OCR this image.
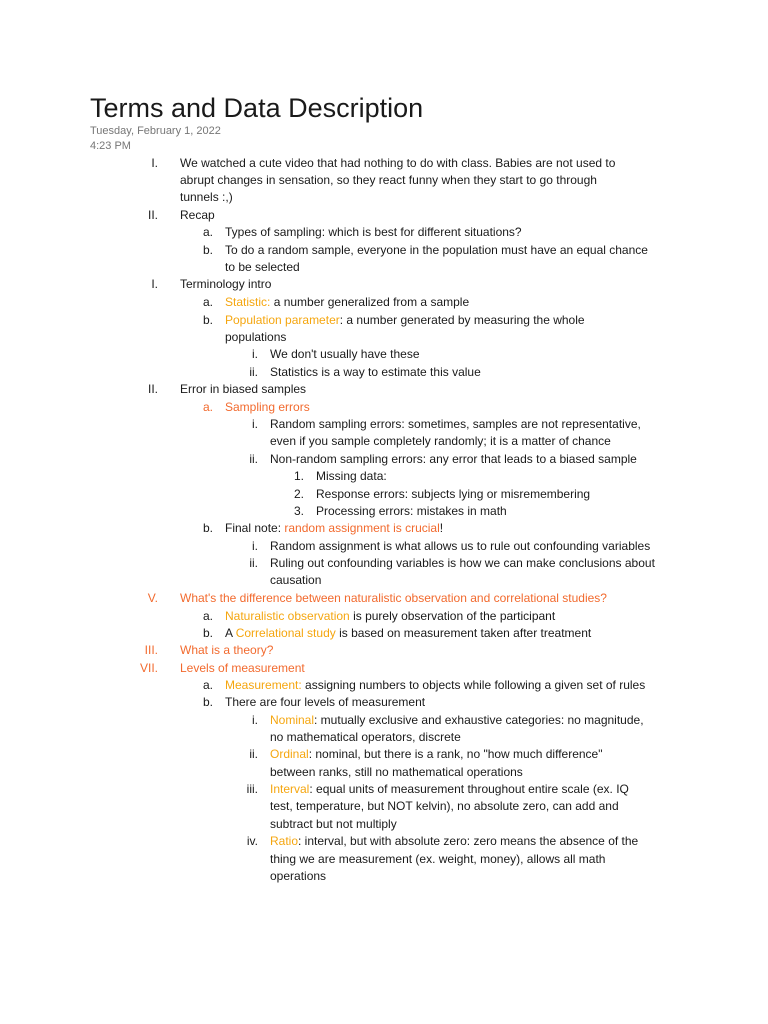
Terms and Data Description
Tuesday, February 1, 2022
4:23 PM
I. We watched a cute video that had nothing to do with class. Babies are not used to
abrupt changes in sensation, so they react funny when they start to go through
tunnels :,)
II. Recap
a. Types of sampling: which is best for different situations?
b. To do a random sample, everyone in the population must have an equal chance
to be selected
I. Terminology intro
a. Statistic: a number generalized from a sample
b. Population parameter: a number generated by measuring the whole
populations
i. We don't usually have these
ii. Statistics is a way to estimate this value
II. Error in biased samples
a. Sampling errors
i. Random sampling errors: sometimes, samples are not representative,
even if you sample completely randomly; it is a matter of chance
ii. Non-random sampling errors: any error that leads to a biased sample
1. Missing data:
2. Response errors: subjects lying or misremembering
3. Processing errors: mistakes in math
b. Final note: random assignment is crucial!
i. Random assignment is what allows us to rule out confounding variables
ii. Ruling out confounding variables is how we can make conclusions about
causation
V. What's the difference between naturalistic observation and correlational studies?
a. Naturalistic observation is purely observation of the participant
b. A Correlational study is based on measurement taken after treatment
III. What is a theory?
VII. Levels of measurement
a. Measurement: assigning numbers to objects while following a given set of rules
b. There are four levels of measurement
i. Nominal: mutually exclusive and exhaustive categories: no magnitude,
no mathematical operators, discrete
ii. Ordinal: nominal, but there is a rank, no "how much difference"
between ranks, still no mathematical operations
iii. Interval: equal units of measurement throughout entire scale (ex. IQ
test, temperature, but NOT kelvin), no absolute zero, can add and
subtract but not multiply
iv. Ratio: interval, but with absolute zero: zero means the absence of the
thing we are measurement (ex. weight, money), allows all math
operations
